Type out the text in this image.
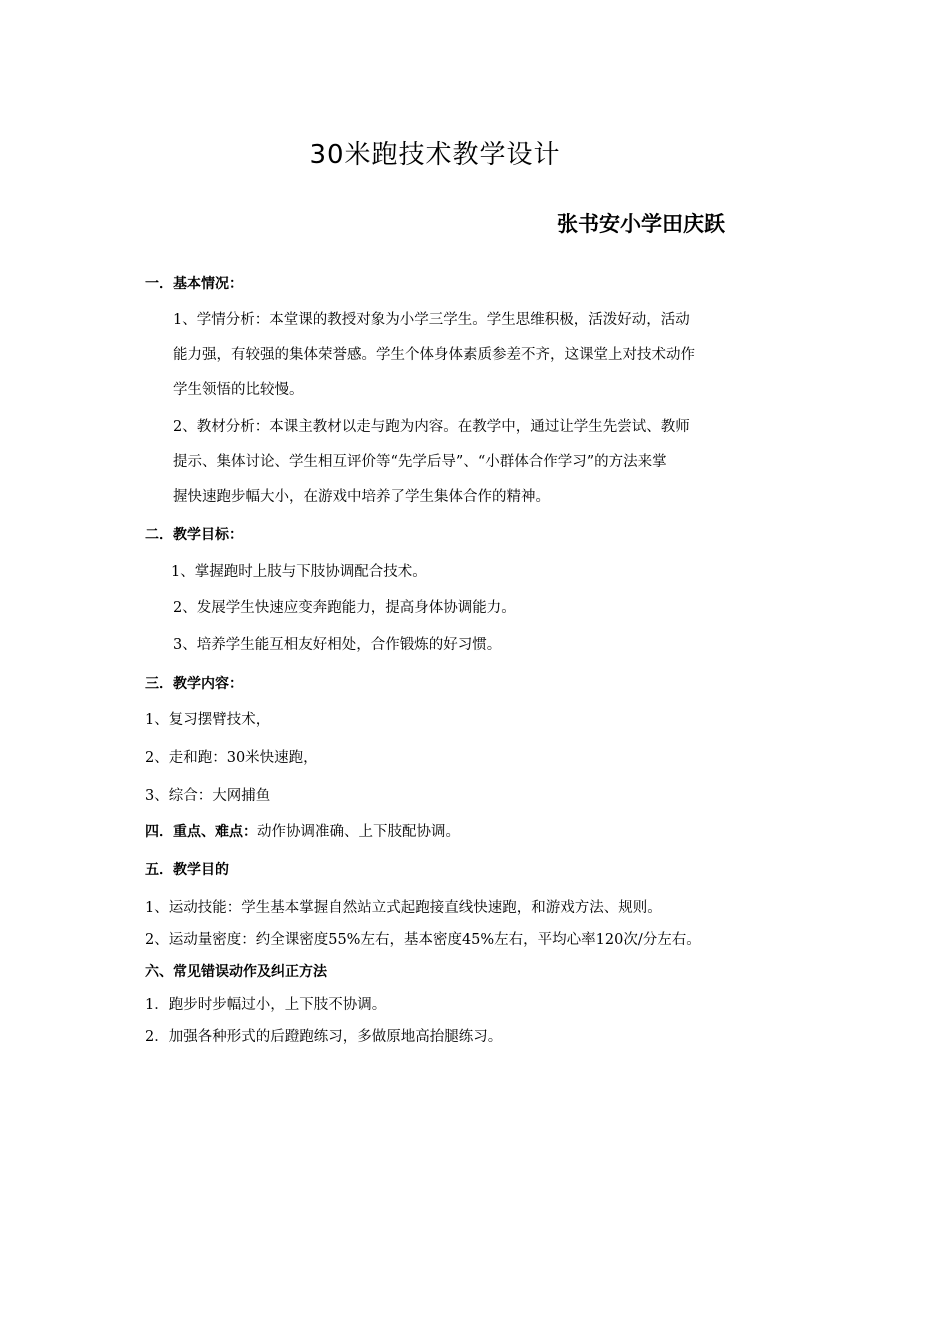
30米跑技术教学设计
张书安小学田庆跃
一．基本情况：
1、学情分析：本堂课的教授对象为小学三学生。学生思维积极，活泼好动，活动
能力强，有较强的集体荣誉感。学生个体身体素质参差不齐，这课堂上对技术动作
学生领悟的比较慢。
2、教材分析：本课主教材以走与跑为内容。在教学中，通过让学生先尝试、教师
提示、集体讨论、学生相互评价等“先学后导”、“小群体合作学习”的方法来掌
握快速跑步幅大小，在游戏中培养了学生集体合作的精神。
二．教学目标：
1、掌握跑时上肢与下肢协调配合技术。
2、发展学生快速应变奔跑能力，提高身体协调能力。
3、培养学生能互相友好相处，合作锻炼的好习惯。
三．教学内容：
1、复习摆臂技术，
2、走和跑：30米快速跑，
3、综合：大网捕鱼
四．重点、难点：动作协调准确、上下肢配协调。
五．教学目的
1、运动技能：学生基本掌握自然站立式起跑接直线快速跑，和游戏方法、规则。
2、运动量密度：约全课密度55%左右，基本密度45%左右，平均心率120次/分左右。
六、常见错误动作及纠正方法
1．跑步时步幅过小，上下肢不协调。
2．加强各种形式的后蹬跑练习，多做原地高抬腿练习。
